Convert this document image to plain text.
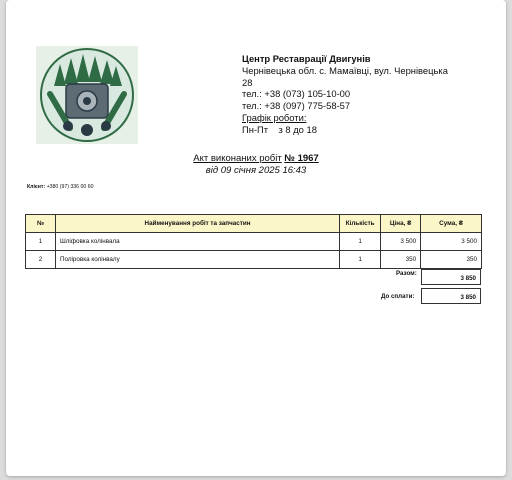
Центр Реставрації Двигунів
Чернівецька обл. с. Мамаївці, вул. Чернівецька 28
тел.: +38 (073) 105-10-00
тел.: +38 (097) 775-58-57
Графік роботи:
Пн-Пт    з 8 до 18
Акт виконаних робіт № 1967
від 09 січня 2025 16:43
Клієнт: +380 (97) 336 00 60
№	Найменування робіт та запчастин	Кількість	Ціна, ₴	Сума, ₴
1	Шліфовка колінвала	1	3 500	3 500
2	Полірoвка колінвалу	1	350	350
Разом:
3 850
До сплати:	3 850
